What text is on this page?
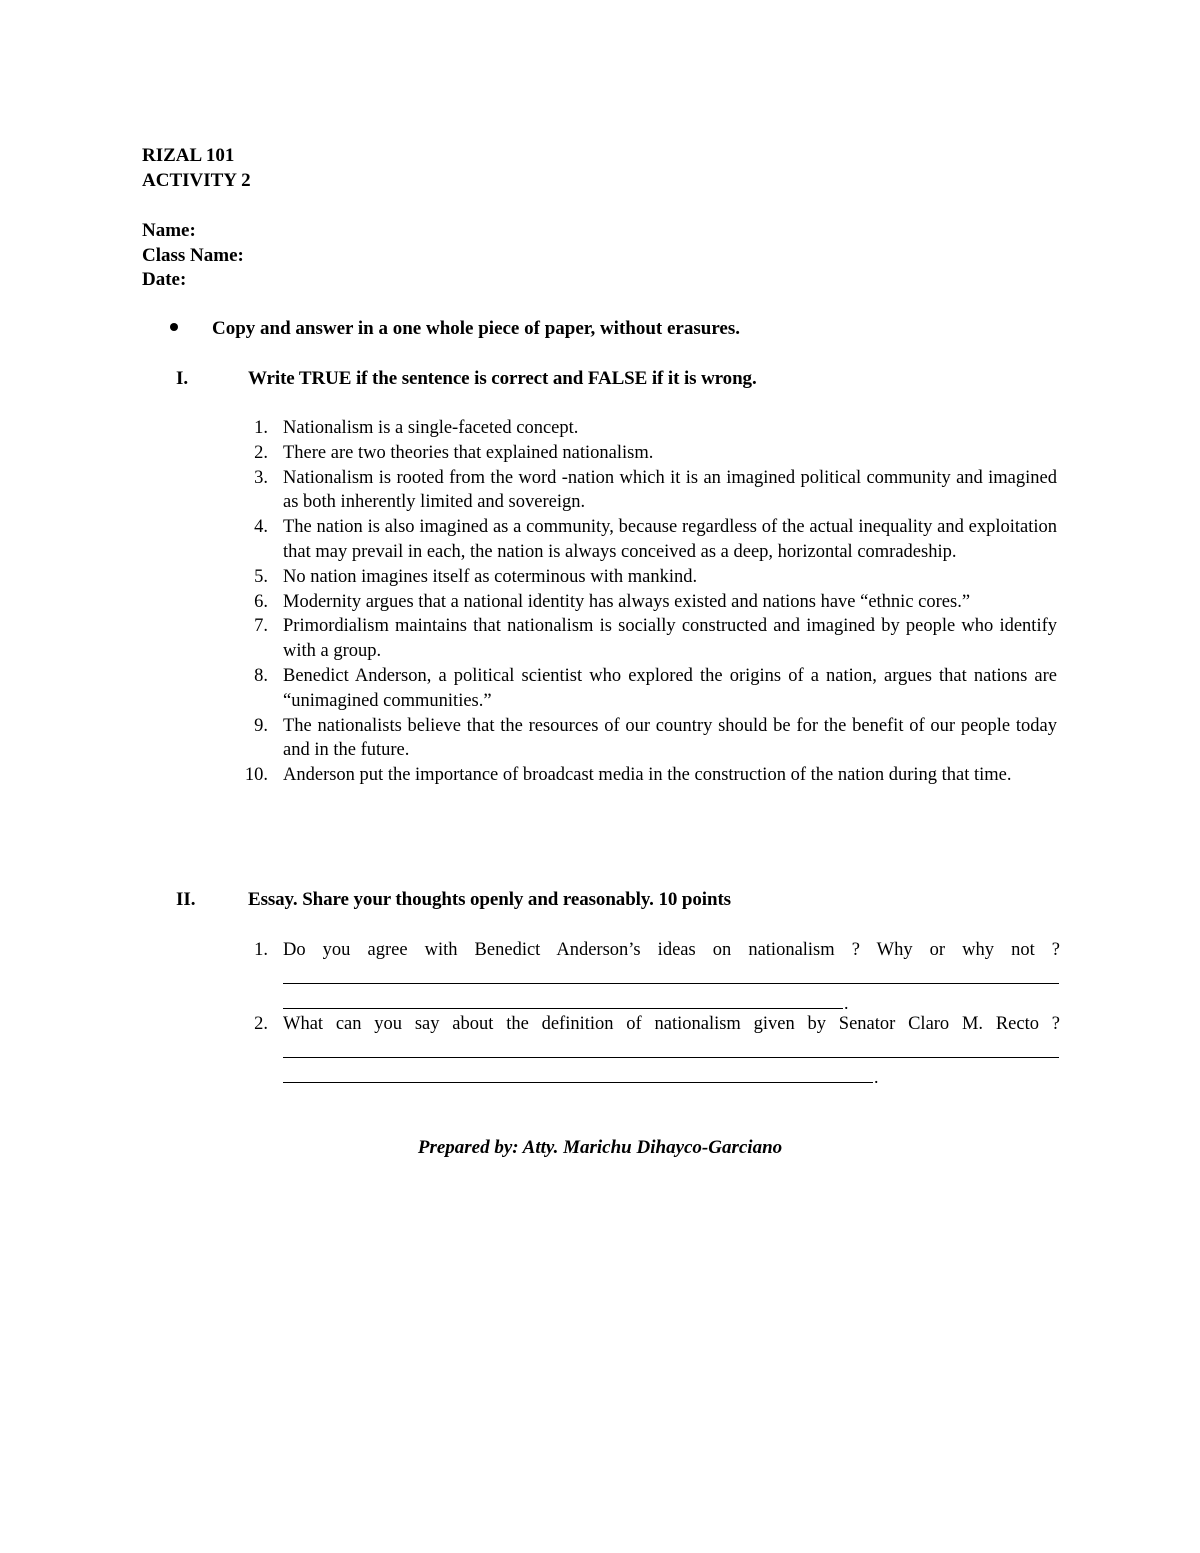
RIZAL 101
ACTIVITY 2
Name:
Class Name:
Date:
Copy and answer in a one whole piece of paper, without erasures.
I.	Write TRUE if the sentence is correct and FALSE if it is wrong.
1. Nationalism is a single-faceted concept.
2. There are two theories that explained nationalism.
3. Nationalism is rooted from the word -nation which it is an imagined political community and imagined as both inherently limited and sovereign.
4. The nation is also imagined as a community, because regardless of the actual inequality and exploitation that may prevail in each, the nation is always conceived as a deep, horizontal comradeship.
5. No nation imagines itself as coterminous with mankind.
6. Modernity argues that a national identity has always existed and nations have “ethnic cores.”
7. Primordialism maintains that nationalism is socially constructed and imagined by people who identify with a group.
8. Benedict Anderson, a political scientist who explored the origins of a nation, argues that nations are “unimagined communities.”
9. The nationalists believe that the resources of our country should be for the benefit of our people today and in the future.
10. Anderson put the importance of broadcast media in the construction of the nation during that time.
II.	Essay. Share your thoughts openly and reasonably. 10 points
1. Do you agree with Benedict Anderson’s ideas on nationalism ? Why or why not ?
.
2. What can you say about the definition of nationalism given by Senator Claro M. Recto ?
.
Prepared by: Atty. Marichu Dihayco-Garciano
